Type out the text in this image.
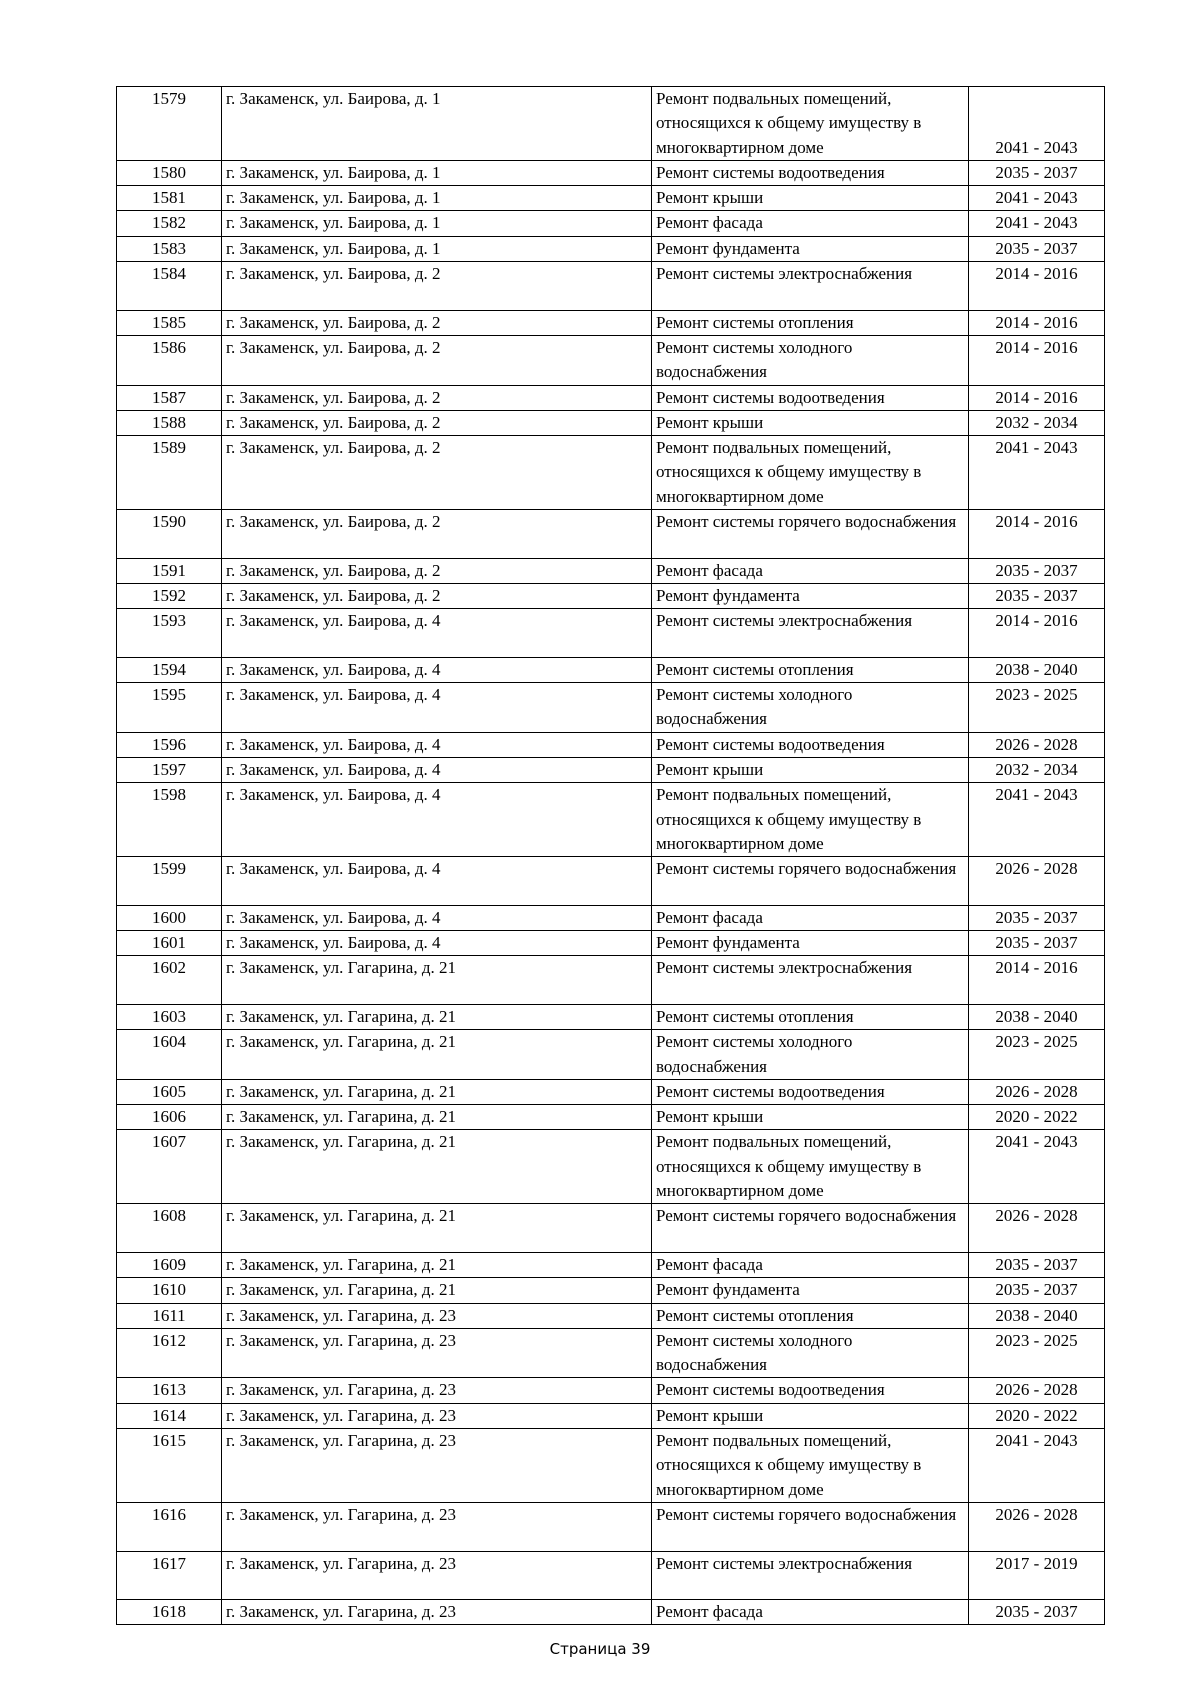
1579	г. Закаменск, ул. Баирова, д. 1	Ремонт подвальных помещений, относящихся к общему имуществу в многоквартирном доме	2041 - 2043
1580	г. Закаменск, ул. Баирова, д. 1	Ремонт системы водоотведения	2035 - 2037
1581	г. Закаменск, ул. Баирова, д. 1	Ремонт крыши	2041 - 2043
1582	г. Закаменск, ул. Баирова, д. 1	Ремонт фасада	2041 - 2043
1583	г. Закаменск, ул. Баирова, д. 1	Ремонт фундамента	2035 - 2037
1584	г. Закаменск, ул. Баирова, д. 2	Ремонт системы электроснабжения	2014 - 2016
1585	г. Закаменск, ул. Баирова, д. 2	Ремонт системы отопления	2014 - 2016
1586	г. Закаменск, ул. Баирова, д. 2	Ремонт системы холодного водоснабжения	2014 - 2016
1587	г. Закаменск, ул. Баирова, д. 2	Ремонт системы водоотведения	2014 - 2016
1588	г. Закаменск, ул. Баирова, д. 2	Ремонт крыши	2032 - 2034
1589	г. Закаменск, ул. Баирова, д. 2	Ремонт подвальных помещений, относящихся к общему имуществу в многоквартирном доме	2041 - 2043
1590	г. Закаменск, ул. Баирова, д. 2	Ремонт системы горячего водоснабжения	2014 - 2016
1591	г. Закаменск, ул. Баирова, д. 2	Ремонт фасада	2035 - 2037
1592	г. Закаменск, ул. Баирова, д. 2	Ремонт фундамента	2035 - 2037
1593	г. Закаменск, ул. Баирова, д. 4	Ремонт системы электроснабжения	2014 - 2016
1594	г. Закаменск, ул. Баирова, д. 4	Ремонт системы отопления	2038 - 2040
1595	г. Закаменск, ул. Баирова, д. 4	Ремонт системы холодного водоснабжения	2023 - 2025
1596	г. Закаменск, ул. Баирова, д. 4	Ремонт системы водоотведения	2026 - 2028
1597	г. Закаменск, ул. Баирова, д. 4	Ремонт крыши	2032 - 2034
1598	г. Закаменск, ул. Баирова, д. 4	Ремонт подвальных помещений, относящихся к общему имуществу в многоквартирном доме	2041 - 2043
1599	г. Закаменск, ул. Баирова, д. 4	Ремонт системы горячего водоснабжения	2026 - 2028
1600	г. Закаменск, ул. Баирова, д. 4	Ремонт фасада	2035 - 2037
1601	г. Закаменск, ул. Баирова, д. 4	Ремонт фундамента	2035 - 2037
1602	г. Закаменск, ул. Гагарина, д. 21	Ремонт системы электроснабжения	2014 - 2016
1603	г. Закаменск, ул. Гагарина, д. 21	Ремонт системы отопления	2038 - 2040
1604	г. Закаменск, ул. Гагарина, д. 21	Ремонт системы холодного водоснабжения	2023 - 2025
1605	г. Закаменск, ул. Гагарина, д. 21	Ремонт системы водоотведения	2026 - 2028
1606	г. Закаменск, ул. Гагарина, д. 21	Ремонт крыши	2020 - 2022
1607	г. Закаменск, ул. Гагарина, д. 21	Ремонт подвальных помещений, относящихся к общему имуществу в многоквартирном доме	2041 - 2043
1608	г. Закаменск, ул. Гагарина, д. 21	Ремонт системы горячего водоснабжения	2026 - 2028
1609	г. Закаменск, ул. Гагарина, д. 21	Ремонт фасада	2035 - 2037
1610	г. Закаменск, ул. Гагарина, д. 21	Ремонт фундамента	2035 - 2037
1611	г. Закаменск, ул. Гагарина, д. 23	Ремонт системы отопления	2038 - 2040
1612	г. Закаменск, ул. Гагарина, д. 23	Ремонт системы холодного водоснабжения	2023 - 2025
1613	г. Закаменск, ул. Гагарина, д. 23	Ремонт системы водоотведения	2026 - 2028
1614	г. Закаменск, ул. Гагарина, д. 23	Ремонт крыши	2020 - 2022
1615	г. Закаменск, ул. Гагарина, д. 23	Ремонт подвальных помещений, относящихся к общему имуществу в многоквартирном доме	2041 - 2043
1616	г. Закаменск, ул. Гагарина, д. 23	Ремонт системы горячего водоснабжения	2026 - 2028
1617	г. Закаменск, ул. Гагарина, д. 23	Ремонт системы электроснабжения	2017 - 2019
1618	г. Закаменск, ул. Гагарина, д. 23	Ремонт фасада	2035 - 2037
Страница 39
